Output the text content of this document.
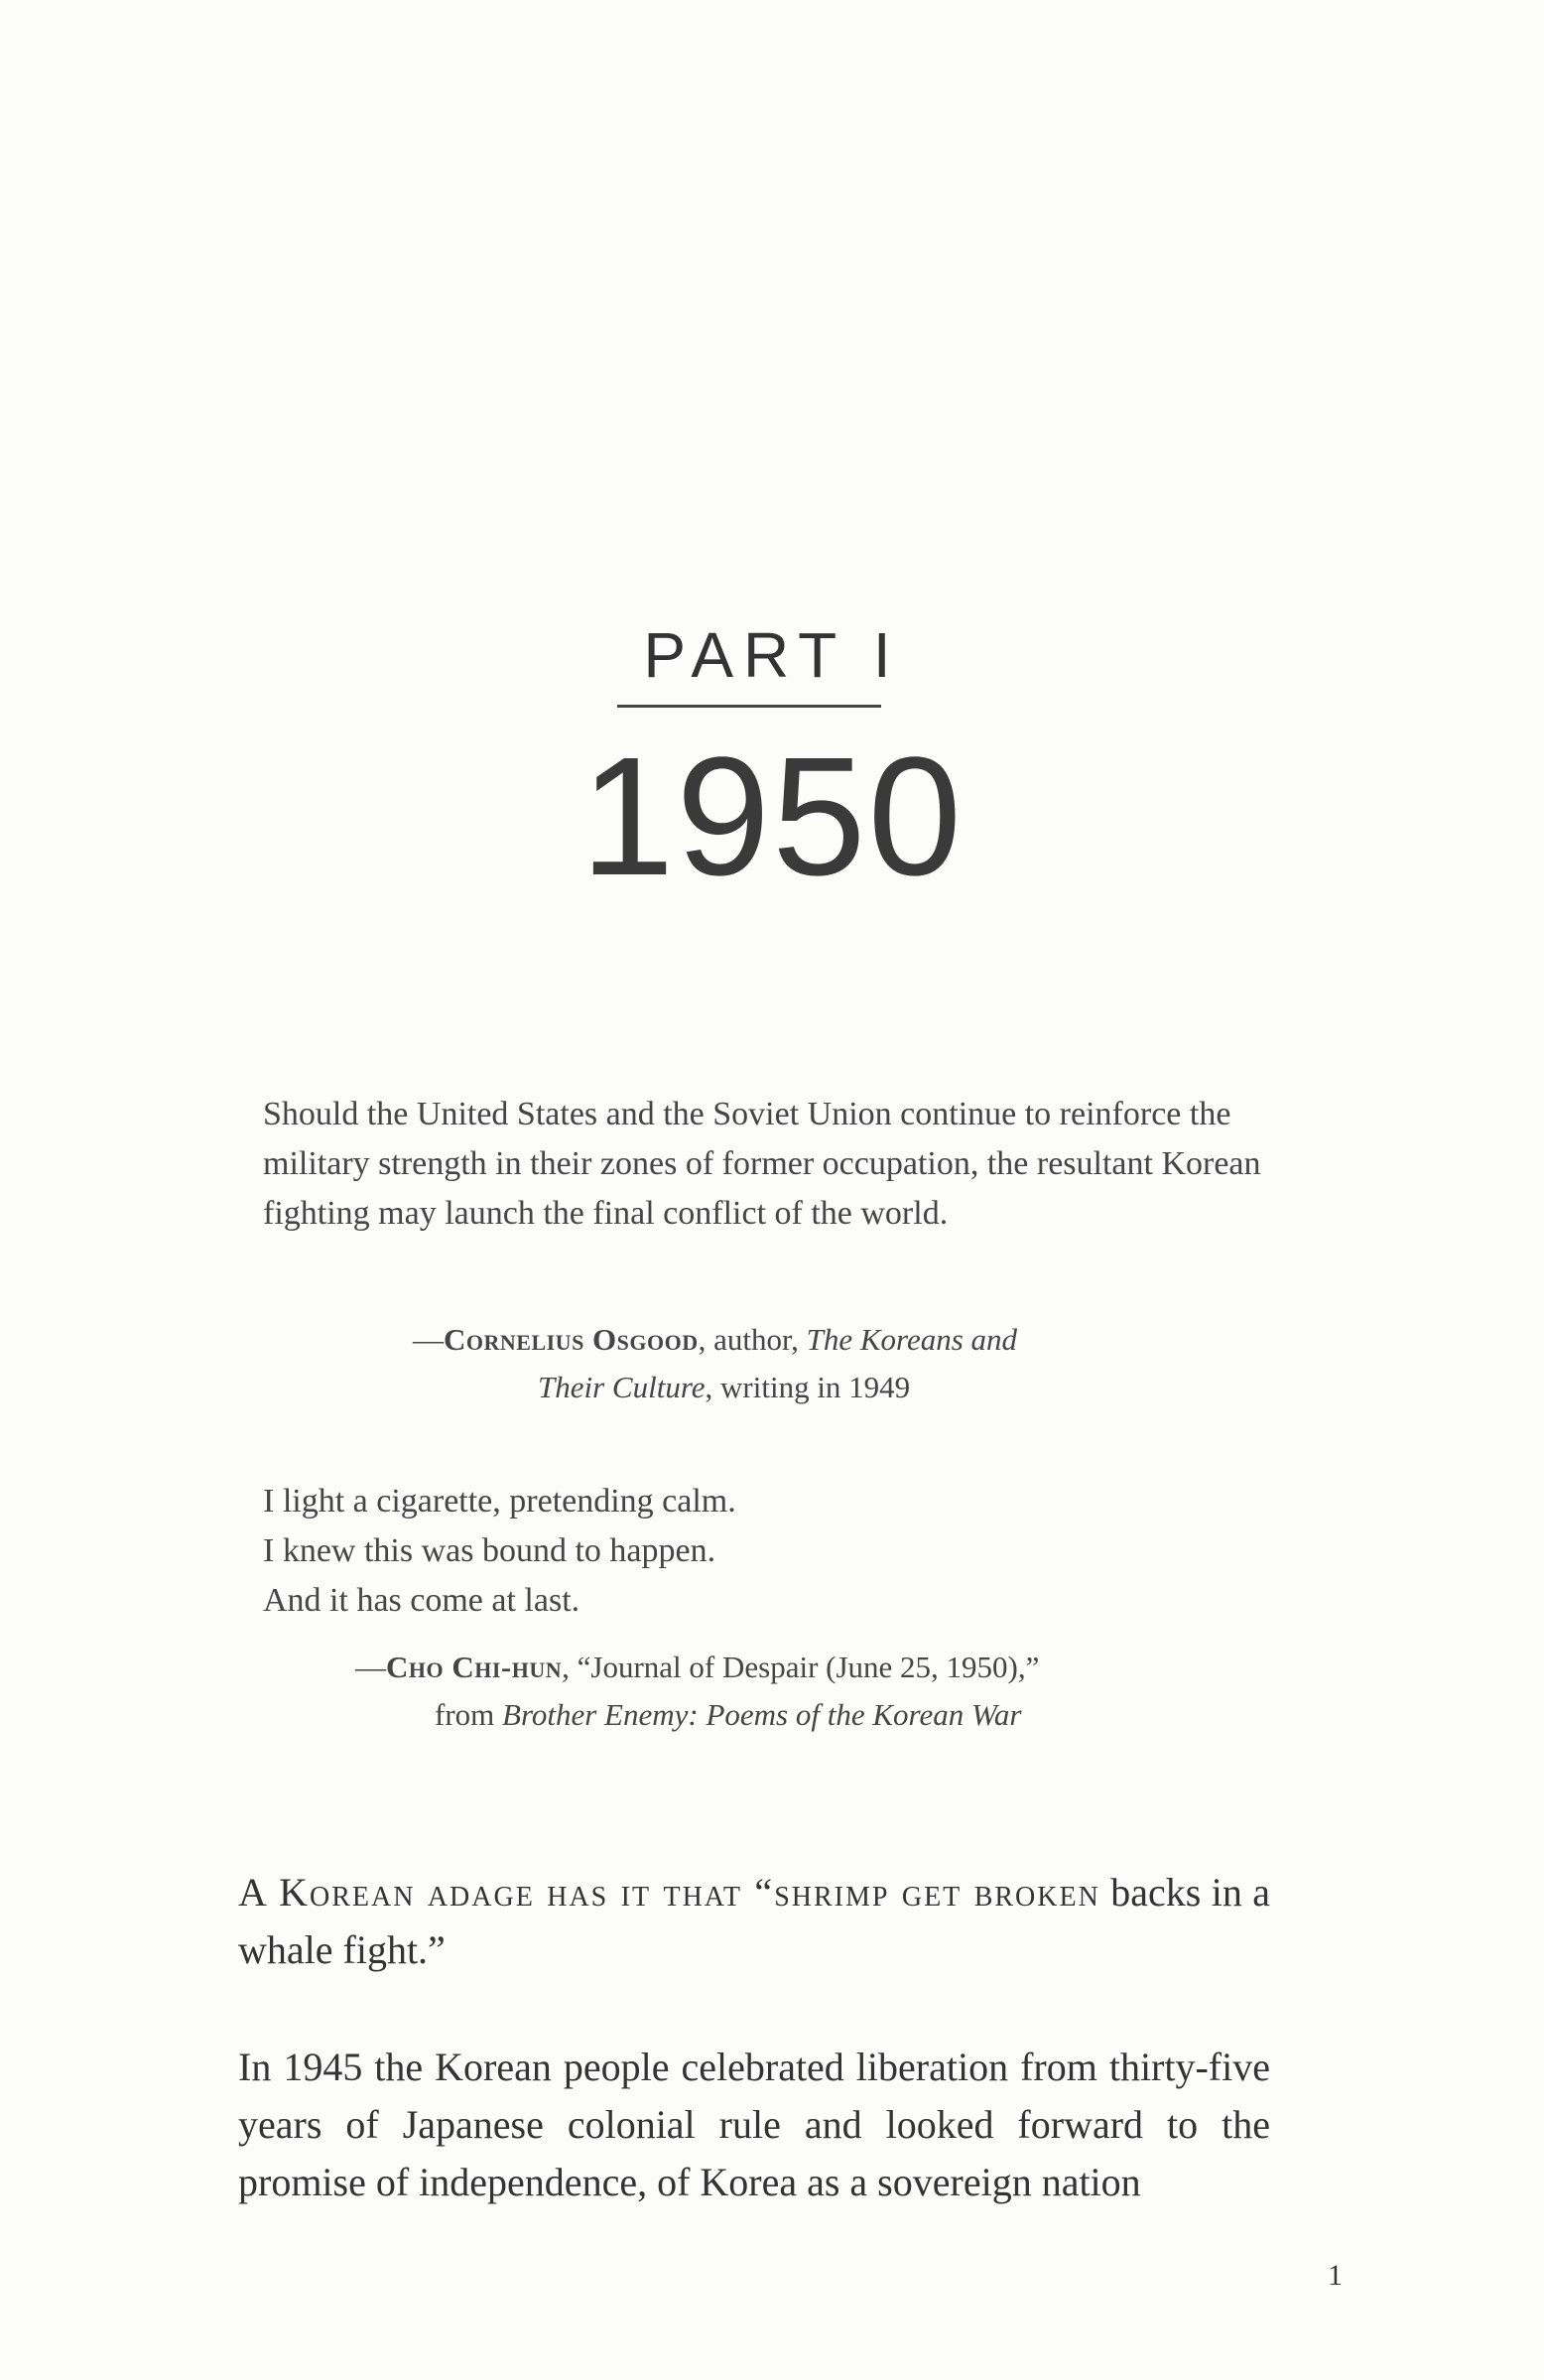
PART I
1950
Should the United States and the Soviet Union continue to reinforce the military strength in their zones of former occupation, the resultant Korean fighting may launch the final conflict of the world.
—Cornelius Osgood, author, The Koreans and
Their Culture, writing in 1949
I light a cigarette, pretending calm.
I knew this was bound to happen.
And it has come at last.
—Cho Chi-hun, “Journal of Despair (June 25, 1950),”
from Brother Enemy: Poems of the Korean War
A Korean adage has it that “shrimp get broken backs in a whale fight.”
In 1945 the Korean people celebrated liberation from thirty-five years of Japanese colonial rule and looked forward to the promise of independence, of Korea as a sovereign nation
1
